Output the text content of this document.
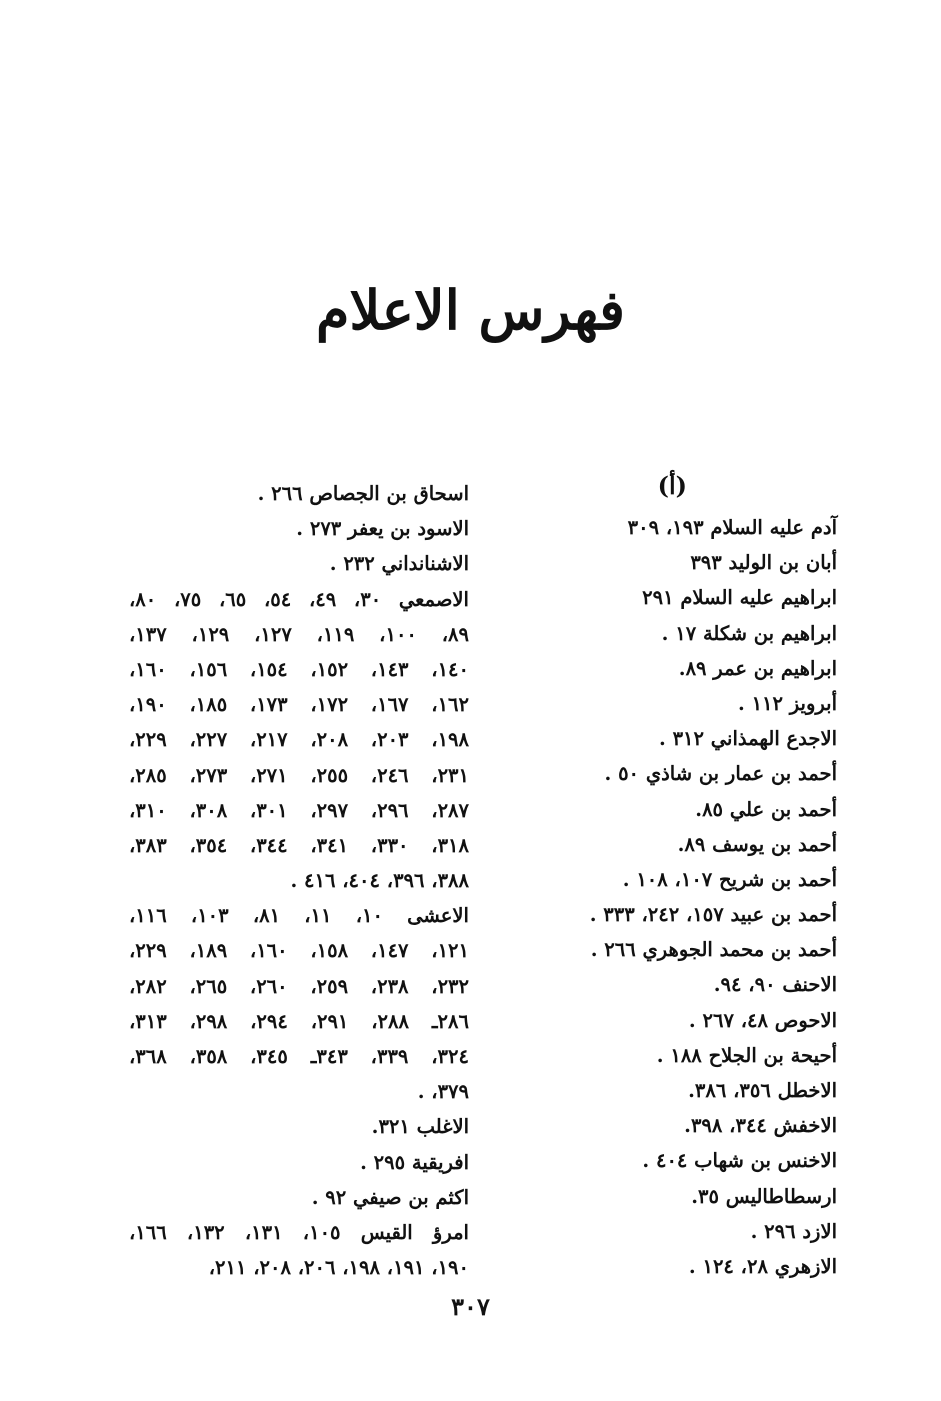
فهرس الاعلام
(أ)
آدم عليه السلام ١٩٣، ٣٠٩
أبان بن الوليد ٣٩٣
ابراهيم عليه السلام ٢٩١
ابراهيم بن شكلة ١٧ .
ابراهيم بن عمر ٨٩.
أبرويز ١١٢ .
الاجدع الهمذاني ٣١٢ .
أحمد بن عمار بن شاذي ٥٠ .
أحمد بن علي ٨٥.
أحمد بن يوسف ٨٩.
أحمد بن شريح ١٠٧، ١٠٨ .
أحمد بن عبيد ١٥٧، ٢٤٢، ٣٣٣ .
أحمد بن محمد الجوهري ٢٦٦ .
الاحنف ٩٠، ٩٤.
الاحوص ٤٨، ٢٦٧ .
أحيحة بن الجلاح ١٨٨ .
الاخطل ٣٥٦، ٣٨٦.
الاخفش ٣٤٤، ٣٩٨.
الاخنس بن شهاب ٤٠٤ .
ارسطاطاليس ٣٥.
الازد ٢٩٦ .
الازهري ٢٨، ١٢٤ .
اسحاق بن الجصاص ٢٦٦ .
الاسود بن يعفر ٢٧٣ .
الاشنانداني ٢٣٢ .
الاصمعي ٣٠، ٤٩، ٥٤، ٦٥، ٧٥، ٨٠،
٨٩، ١٠٠، ١١٩، ١٢٧، ١٢٩، ١٣٧،
١٤٠، ١٤٣، ١٥٢، ١٥٤، ١٥٦، ١٦٠،
١٦٢، ١٦٧، ١٧٢، ١٧٣، ١٨٥، ١٩٠،
١٩٨، ٢٠٣، ٢٠٨، ٢١٧، ٢٢٧، ٢٢٩،
٢٣١، ٢٤٦، ٢٥٥، ٢٧١، ٢٧٣، ٢٨٥،
٢٨٧، ٢٩٦، ٢٩٧، ٣٠١، ٣٠٨، ٣١٠،
٣١٨، ٣٣٠، ٣٤١، ٣٤٤، ٣٥٤، ٣٨٣،
٣٨٨، ٣٩٦، ٤٠٤، ٤١٦ .
الاعشى ١٠، ١١، ٨١، ١٠٣، ١١٦،
١٢١، ١٤٧، ١٥٨، ١٦٠، ١٨٩، ٢٢٩،
٢٣٢، ٢٣٨، ٢٥٩، ٢٦٠، ٢٦٥، ٢٨٢،
٢٨٦ـ ٢٨٨، ٢٩١، ٢٩٤، ٢٩٨، ٣١٣،
٣٢٤، ٣٣٩، ٣٤٣ـ ٣٤٥، ٣٥٨، ٣٦٨،
٣٧٩، .
الاغلب ٣٢١.
افريقية ٢٩٥ .
اكثم بن صيفي ٩٢ .
امرؤ القيس ١٠٥، ١٣١، ١٣٢، ١٦٦،
١٩٠، ١٩١، ١٩٨، ٢٠٦، ٢٠٨، ٢١١،
٣٠٧
